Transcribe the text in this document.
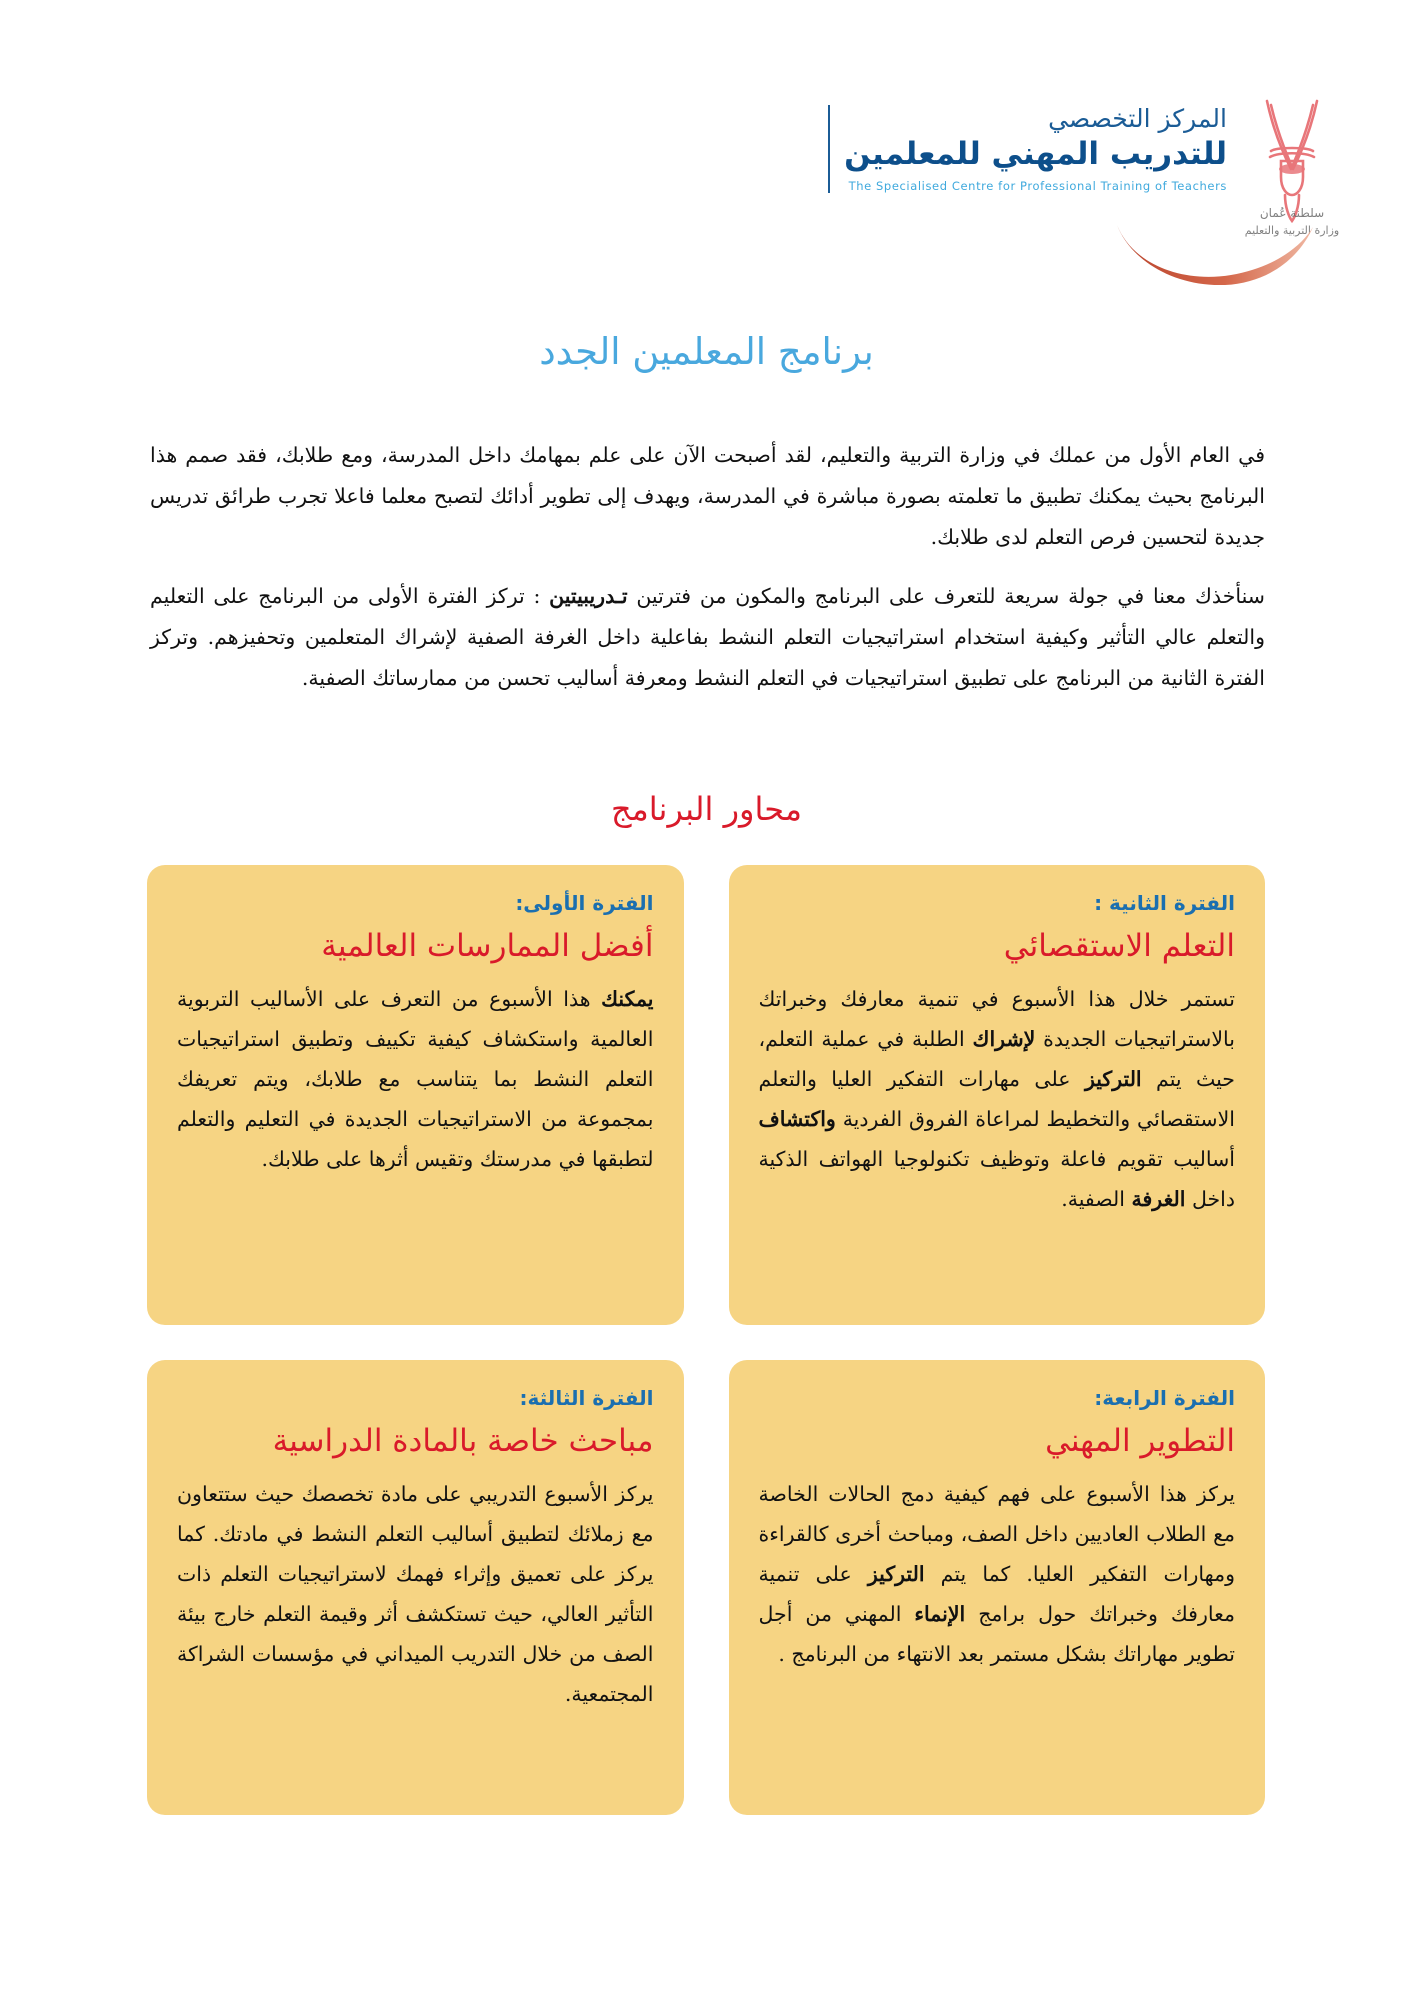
سلطنة عُمان
وزارة التربية والتعليم
المركز التخصصي
للتدريب المهني للمعلمين
The Specialised Centre for Professional Training of Teachers
برنامج المعلمين الجدد

في العام الأول من عملك في وزارة التربية والتعليم، لقد أصبحت الآن على علم بمهامك داخل المدرسة، ومع طلابك، فقد صمم هذا البرنامج بحيث يمكنك تطبيق ما تعلمته بصورة مباشرة في المدرسة، ويهدف إلى تطوير أدائك لتصبح معلما فاعلا تجرب طرائق تدريس جديدة لتحسين فرص التعلم لدى طلابك.

سنأخذك معنا في جولة سريعة للتعرف على البرنامج والمكون من فترتين تـدريبيتين : تركز الفترة الأولى من البرنامج على التعليم والتعلم عالي التأثير وكيفية استخدام استراتيجيات التعلم النشط بفاعلية داخل الغرفة الصفية لإشراك المتعلمين وتحفيزهم. وتركز الفترة الثانية من البرنامج على تطبيق استراتيجيات في التعلم النشط ومعرفة أساليب تحسن من ممارساتك الصفية.

محاور البرنامج
الفترة الثانية :
التعلم الاستقصائي
تستمر خلال هذا الأسبوع في تنمية معارفك وخبراتك بالاستراتيجيات الجديدة لإشراك الطلبة في عملية التعلم، حيث يتم التركيز على مهارات التفكير العليا والتعلم الاستقصائي والتخطيط لمراعاة الفروق الفردية واكتشاف أساليب تقويم فاعلة وتوظيف تكنولوجيا الهواتف الذكية داخل الغرفة الصفية.
الفترة الأولى:
أفضل الممارسات العالمية
يمكنك هذا الأسبوع من التعرف على الأساليب التربوية العالمية واستكشاف كيفية تكييف وتطبيق استراتيجيات التعلم النشط بما يتناسب مع طلابك، ويتم تعريفك بمجموعة من الاستراتيجيات الجديدة في التعليم والتعلم لتطبقها في مدرستك وتقيس أثرها على طلابك.
الفترة الرابعة:
التطوير المهني
يركز هذا الأسبوع على فهم كيفية دمج الحالات الخاصة مع الطلاب العاديين داخل الصف، ومباحث أخرى كالقراءة ومهارات التفكير العليا. كما يتم التركيز على تنمية معارفك وخبراتك حول برامج الإنماء المهني من أجل تطوير مهاراتك بشكل مستمر بعد الانتهاء من البرنامج .
الفترة الثالثة:
مباحث خاصة بالمادة الدراسية
يركز الأسبوع التدريبي على مادة تخصصك حيث ستتعاون مع زملائك لتطبيق أساليب التعلم النشط في مادتك. كما يركز على تعميق وإثراء فهمك لاستراتيجيات التعلم ذات التأثير العالي، حيث تستكشف أثر وقيمة التعلم خارج بيئة الصف من خلال التدريب الميداني في مؤسسات الشراكة المجتمعية.
